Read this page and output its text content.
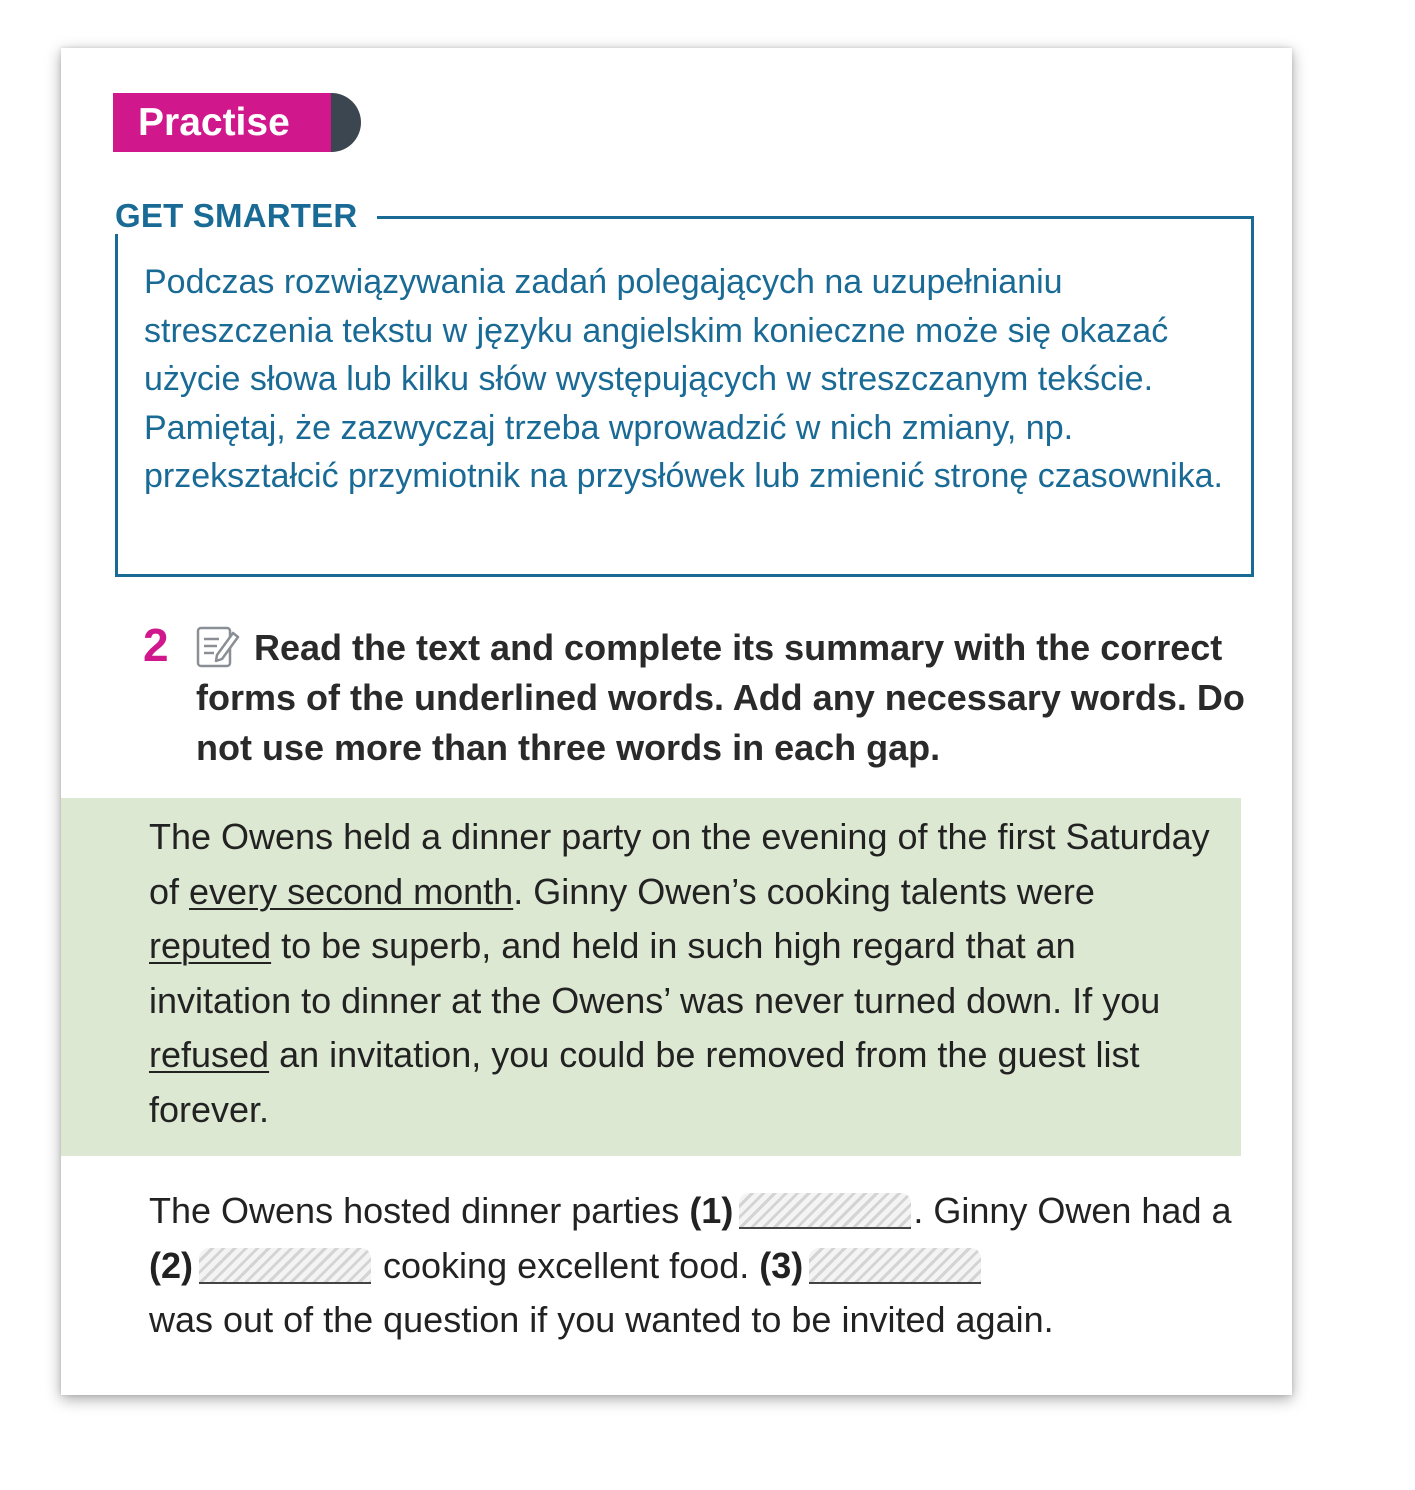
Practise
GET SMARTER
Podczas rozwiązywania zadań polegających na uzupełnianiu streszczenia tekstu w języku angielskim konieczne może się okazać użycie słowa lub kilku słów występujących w streszczanym tekście. Pamiętaj, że zazwyczaj trzeba wprowadzić w nich zmiany, np. przekształcić przymiotnik na przysłówek lub zmienić stronę czasownika.
2	Read the text and complete its summary with the correct forms of the underlined words. Add any necessary words. Do not use more than three words in each gap.
The Owens held a dinner party on the evening of the first Saturday of every second month. Ginny Owen’s cooking talents were reputed to be superb, and held in such high regard that an invitation to dinner at the Owens’ was never turned down. If you refused an invitation, you could be removed from the guest list forever.
The Owens hosted dinner parties (1)	. Ginny Owen had a (2)	cooking excellent food. (3)
was out of the question if you wanted to be invited again.
